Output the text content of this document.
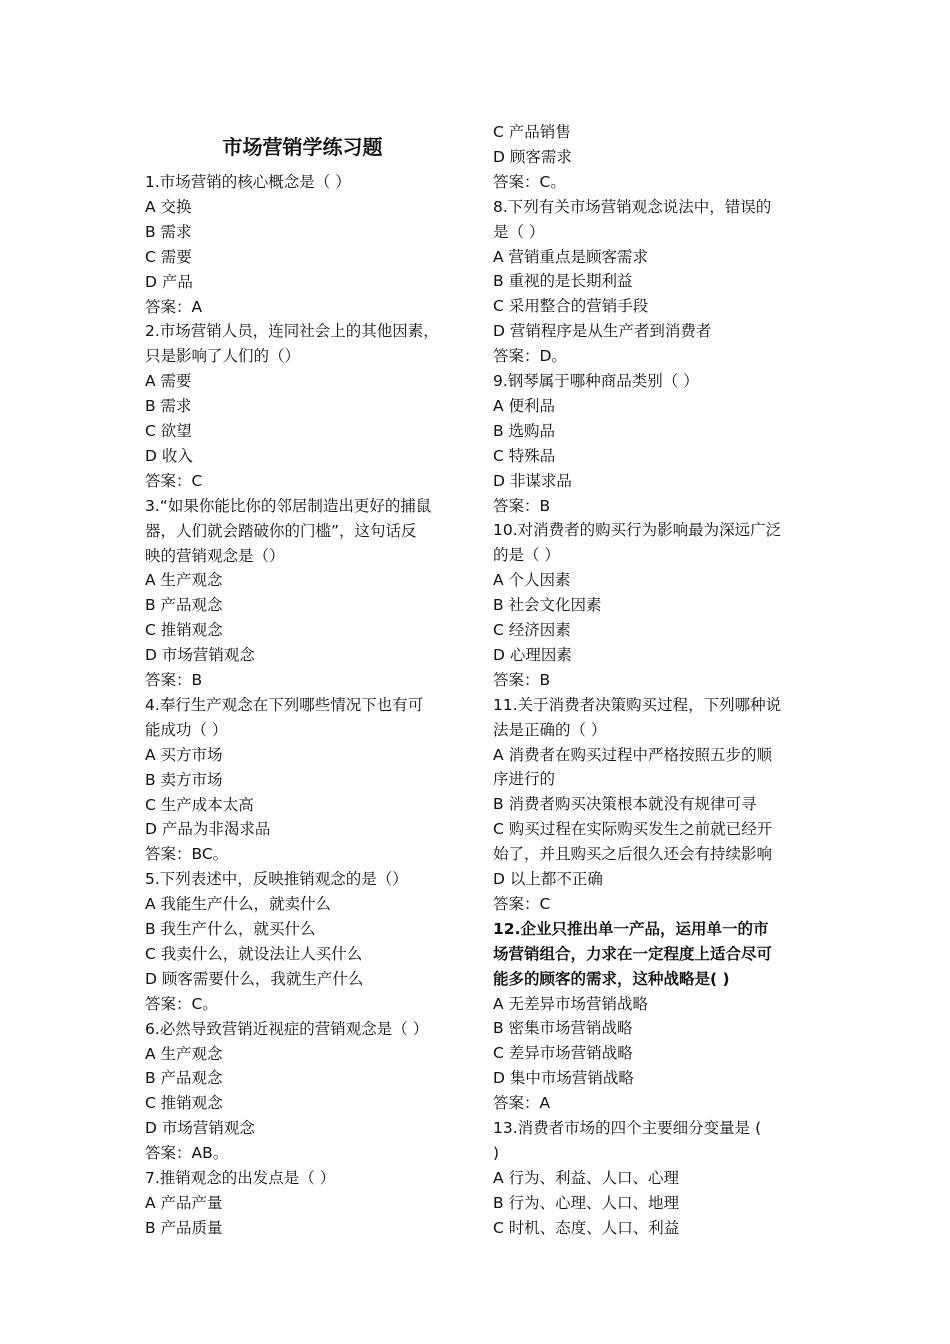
市场营销学练习题
1.市场营销的核心概念是（ ）
A 交换
B 需求
C 需要
D 产品
答案：A
2.市场营销人员，连同社会上的其他因素，
只是影响了人们的（）
A 需要
B 需求
C 欲望
D 收入
答案：C
3.“如果你能比你的邻居制造出更好的捕鼠
器，人们就会踏破你的门槛”，这句话反
映的营销观念是（）
A 生产观念
B 产品观念
C 推销观念
D 市场营销观念
答案：B
4.奉行生产观念在下列哪些情况下也有可
能成功（ ）
A 买方市场
B 卖方市场
C 生产成本太高
D 产品为非渴求品
答案：BC。
5.下列表述中，反映推销观念的是（）
A 我能生产什么，就卖什么
B 我生产什么，就买什么
C 我卖什么，就设法让人买什么
D 顾客需要什么，我就生产什么
答案：C。
6.必然导致营销近视症的营销观念是（ ）
A 生产观念
B 产品观念
C 推销观念
D 市场营销观念
答案：AB。
7.推销观念的出发点是（ ）
A 产品产量
B 产品质量
C 产品销售
D 顾客需求
答案：C。
8.下列有关市场营销观念说法中，错误的
是（ ）
A 营销重点是顾客需求
B 重视的是长期利益
C 采用整合的营销手段
D 营销程序是从生产者到消费者
答案：D。
9.钢琴属于哪种商品类别（ ）
A 便利品
B 选购品
C 特殊品
D 非谋求品
答案：B
10.对消费者的购买行为影响最为深远广泛
的是（ ）
A 个人因素
B 社会文化因素
C 经济因素
D 心理因素
答案：B
11.关于消费者决策购买过程，下列哪种说
法是正确的（ ）
A 消费者在购买过程中严格按照五步的顺
序进行的
B 消费者购买决策根本就没有规律可寻
C 购买过程在实际购买发生之前就已经开
始了，并且购买之后很久还会有持续影响
D 以上都不正确
答案：C
12.企业只推出单一产品，运用单一的市
场营销组合，力求在一定程度上适合尽可
能多的顾客的需求，这种战略是( )
A 无差异市场营销战略
B 密集市场营销战略
C 差异市场营销战略
D 集中市场营销战略
答案：A
13.消费者市场的四个主要细分变量是 (
)
A 行为、利益、人口、心理
B 行为、心理、人口、地理
C 时机、态度、人口、利益
